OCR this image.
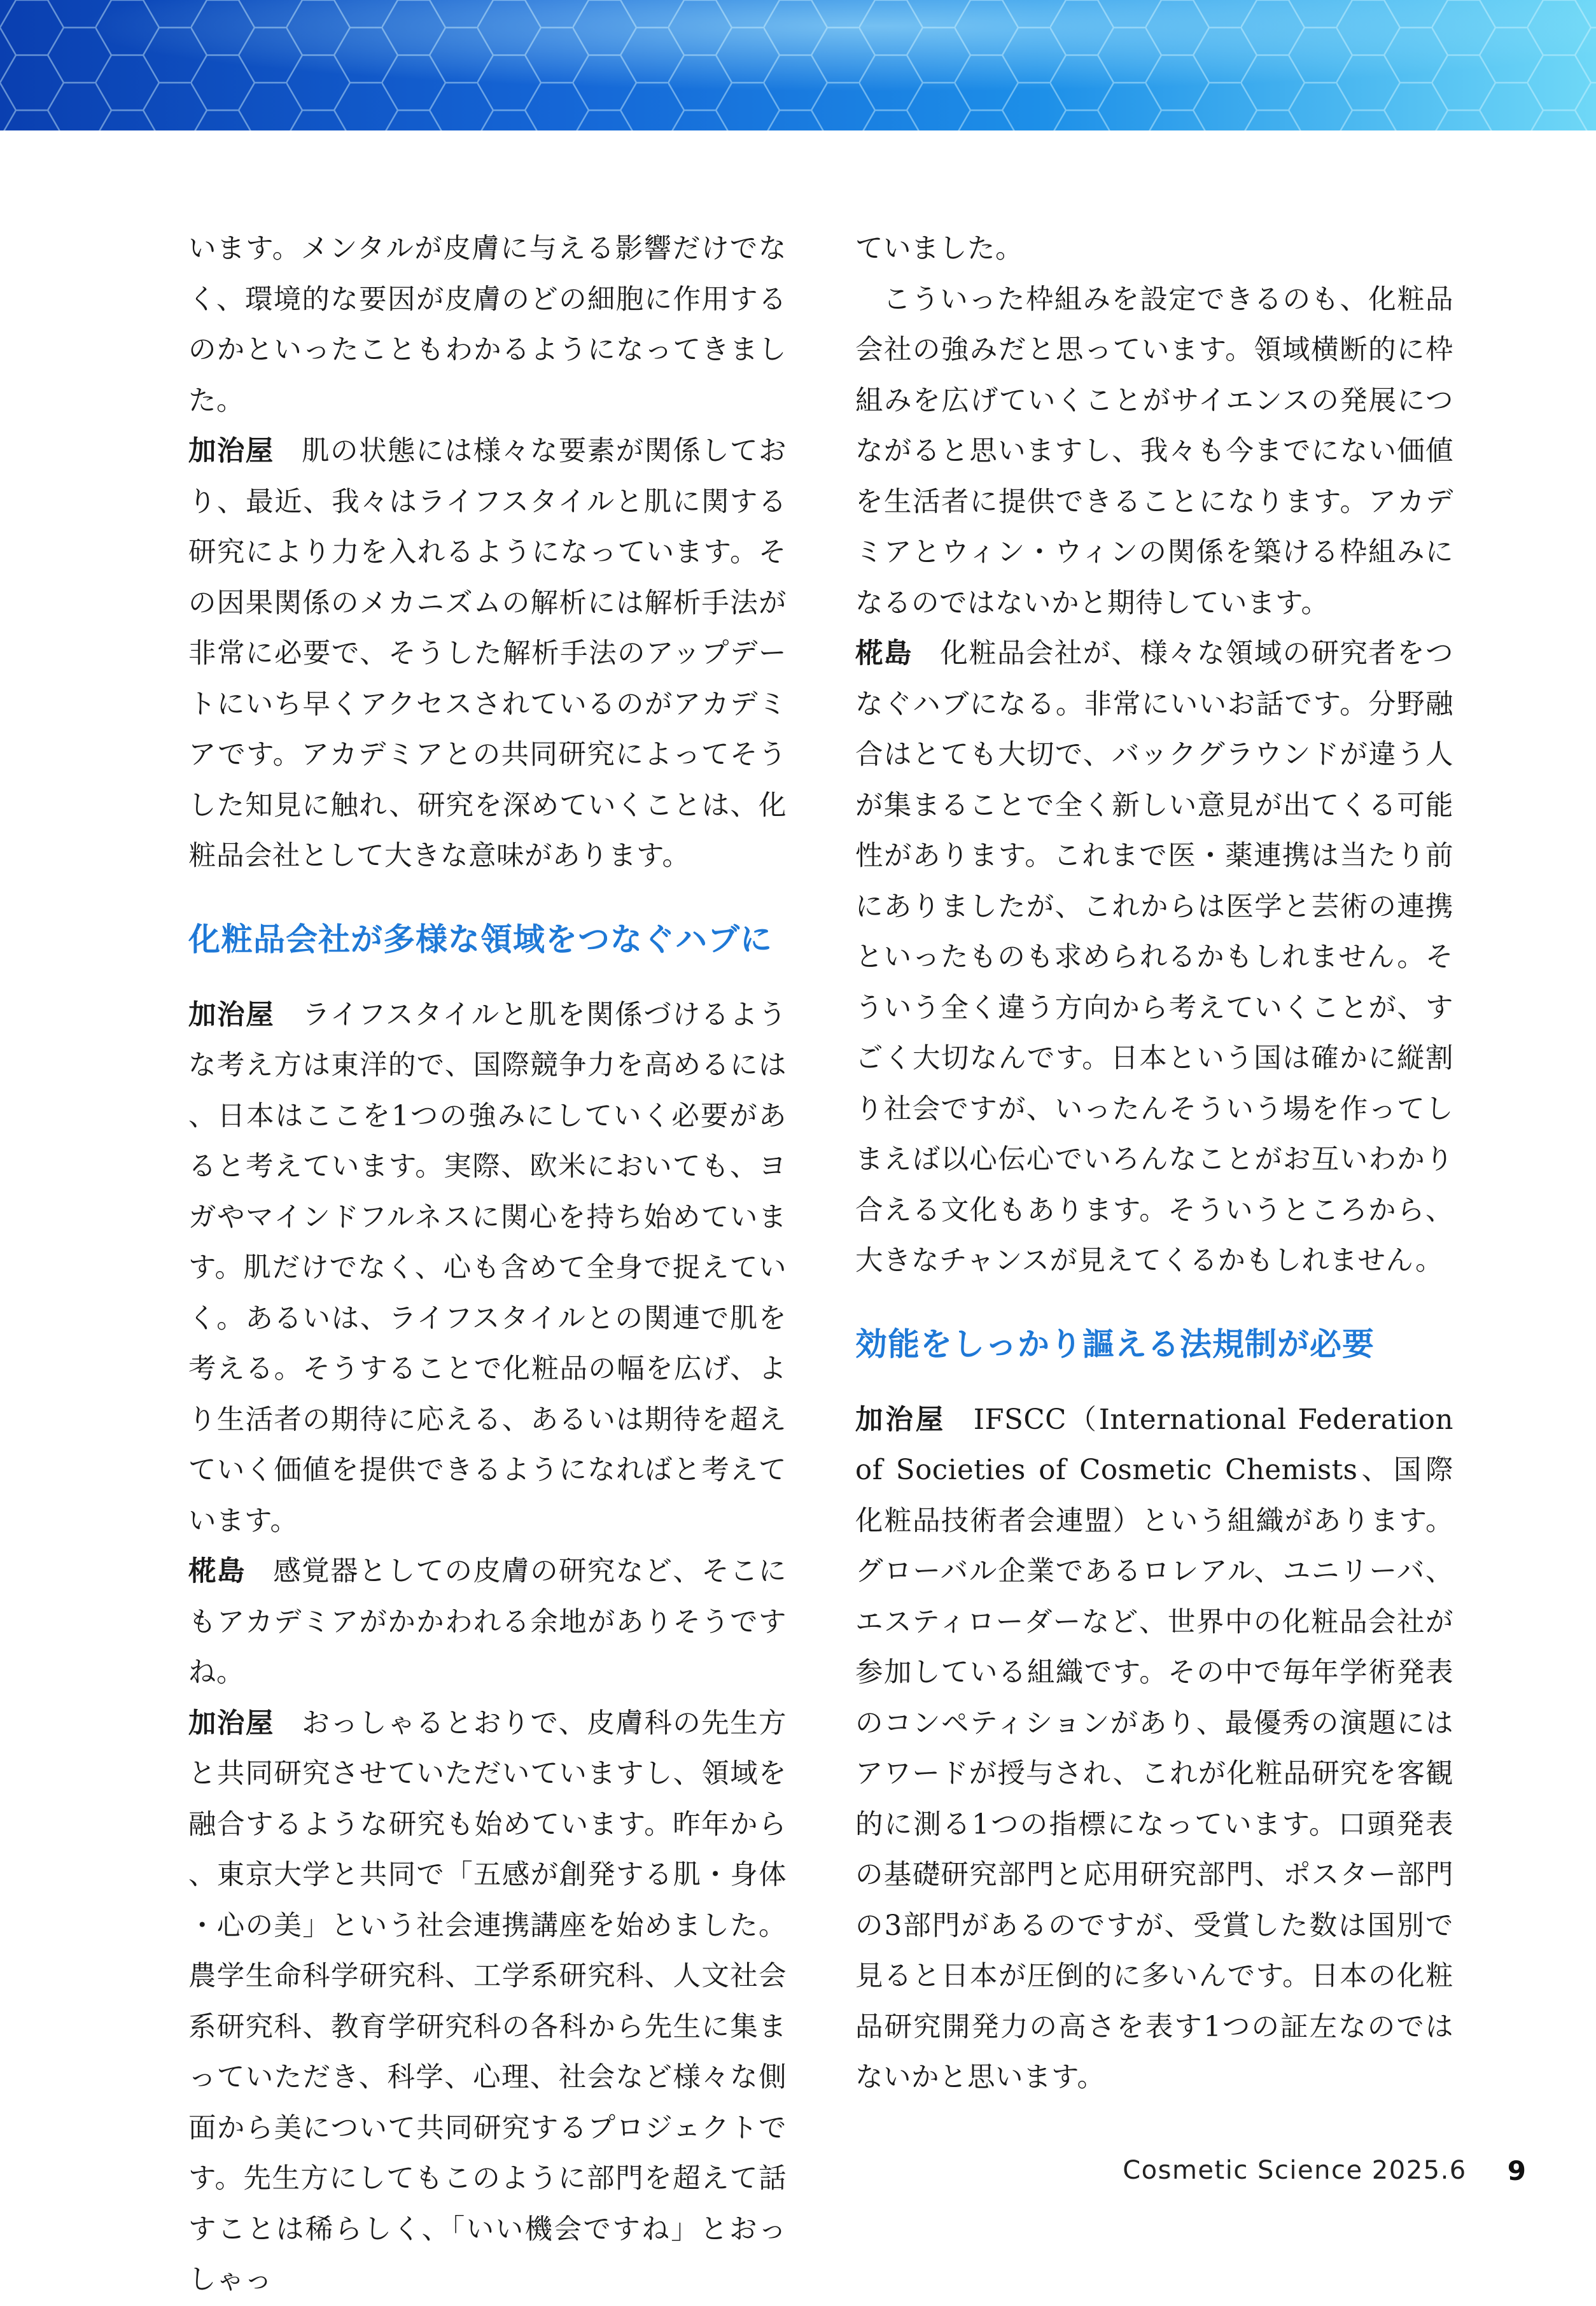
います。メンタルが皮膚に与える影響だけでなく、環境的な要因が皮膚のどの細胞に作用するのかといったこともわかるようになってきました。

加治屋 肌の状態には様々な要素が関係しており、最近、我々はライフスタイルと肌に関する研究により力を入れるようになっています。その因果関係のメカニズムの解析には解析手法が非常に必要で、そうした解析手法のアップデートにいち早くアクセスされているのがアカデミアです。アカデミアとの共同研究によってそうした知見に触れ、研究を深めていくことは、化粧品会社として大きな意味があります。

化粧品会社が多様な領域をつなぐハブに

加治屋 ライフスタイルと肌を関係づけるような考え方は東洋的で、国際競争力を高めるには、日本はここを1つの強みにしていく必要があると考えています。実際、欧米においても、ヨガやマインドフルネスに関心を持ち始めています。肌だけでなく、心も含めて全身で捉えていく。あるいは、ライフスタイルとの関連で肌を考える。そうすることで化粧品の幅を広げ、より生活者の期待に応える、あるいは期待を超えていく価値を提供できるようになればと考えています。

椛島 感覚器としての皮膚の研究など、そこにもアカデミアがかかわれる余地がありそうですね。

加治屋 おっしゃるとおりで、皮膚科の先生方と共同研究させていただいていますし、領域を融合するような研究も始めています。昨年から、東京大学と共同で「五感が創発する肌・身体・心の美」という社会連携講座を始めました。農学生命科学研究科、工学系研究科、人文社会系研究科、教育学研究科の各科から先生に集まっていただき、科学、心理、社会など様々な側面から美について共同研究するプロジェクトです。先生方にしてもこのように部門を超えて話すことは稀らしく、「いい機会ですね」とおっしゃっ

ていました。

こういった枠組みを設定できるのも、化粧品会社の強みだと思っています。領域横断的に枠組みを広げていくことがサイエンスの発展につながると思いますし、我々も今までにない価値を生活者に提供できることになります。アカデミアとウィン・ウィンの関係を築ける枠組みになるのではないかと期待しています。

椛島 化粧品会社が、様々な領域の研究者をつなぐハブになる。非常にいいお話です。分野融合はとても大切で、バックグラウンドが違う人が集まることで全く新しい意見が出てくる可能性があります。これまで医・薬連携は当たり前にありましたが、これからは医学と芸術の連携といったものも求められるかもしれません。そういう全く違う方向から考えていくことが、すごく大切なんです。日本という国は確かに縦割り社会ですが、いったんそういう場を作ってしまえば以心伝心でいろんなことがお互いわかり合える文化もあります。そういうところから、大きなチャンスが見えてくるかもしれません。

効能をしっかり謳える法規制が必要

加治屋 IFSCC（International Federation of Societies of Cosmetic Chemists、国際化粧品技術者会連盟）という組織があります。グローバル企業であるロレアル、ユニリーバ、エスティローダーなど、世界中の化粧品会社が参加している組織です。その中で毎年学術発表のコンペティションがあり、最優秀の演題にはアワードが授与され、これが化粧品研究を客観的に測る1つの指標になっています。口頭発表の基礎研究部門と応用研究部門、ポスター部門の3部門があるのですが、受賞した数は国別で見ると日本が圧倒的に多いんです。日本の化粧品研究開発力の高さを表す1つの証左なのではないかと思います。

Cosmetic Science 2025.6 9
